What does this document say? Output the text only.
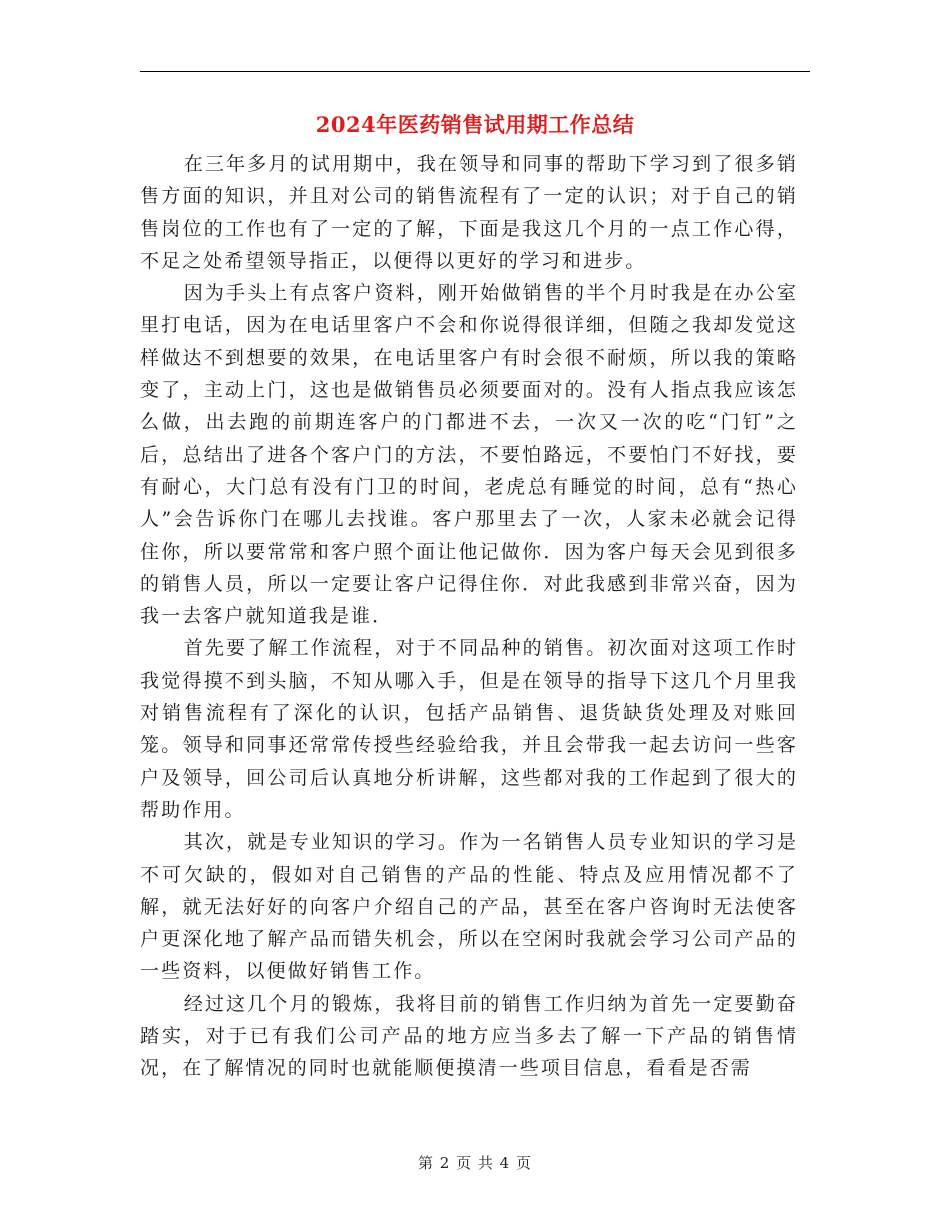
2024年医药销售试用期工作总结

在三年多月的试用期中，我在领导和同事的帮助下学习到了很多销售方面的知识，并且对公司的销售流程有了一定的认识；对于自己的销售岗位的工作也有了一定的了解，下面是我这几个月的一点工作心得，不足之处希望领导指正，以便得以更好的学习和进步。

因为手头上有点客户资料，刚开始做销售的半个月时我是在办公室里打电话，因为在电话里客户不会和你说得很详细，但随之我却发觉这样做达不到想要的效果，在电话里客户有时会很不耐烦，所以我的策略变了，主动上门，这也是做销售员必须要面对的。没有人指点我应该怎么做，出去跑的前期连客户的门都进不去，一次又一次的吃“门钉”之后，总结出了进各个客户门的方法，不要怕路远，不要怕门不好找，要有耐心，大门总有没有门卫的时间，老虎总有睡觉的时间，总有“热心人”会告诉你门在哪儿去找谁。客户那里去了一次，人家未必就会记得住你，所以要常常和客户照个面让他记做你．因为客户每天会见到很多的销售人员，所以一定要让客户记得住你．对此我感到非常兴奋，因为我一去客户就知道我是谁．

首先要了解工作流程，对于不同品种的销售。初次面对这项工作时我觉得摸不到头脑，不知从哪入手，但是在领导的指导下这几个月里我对销售流程有了深化的认识，包括产品销售、退货缺货处理及对账回笼。领导和同事还常常传授些经验给我，并且会带我一起去访问一些客户及领导，回公司后认真地分析讲解，这些都对我的工作起到了很大的帮助作用。

其次，就是专业知识的学习。作为一名销售人员专业知识的学习是不可欠缺的，假如对自己销售的产品的性能、特点及应用情况都不了解，就无法好好的向客户介绍自己的产品，甚至在客户咨询时无法使客户更深化地了解产品而错失机会，所以在空闲时我就会学习公司产品的一些资料，以便做好销售工作。

经过这几个月的锻炼，我将目前的销售工作归纳为首先一定要勤奋踏实，对于已有我们公司产品的地方应当多去了解一下产品的销售情况，在了解情况的同时也就能顺便摸清一些项目信息，看看是否需

第 2 页 共 4 页
